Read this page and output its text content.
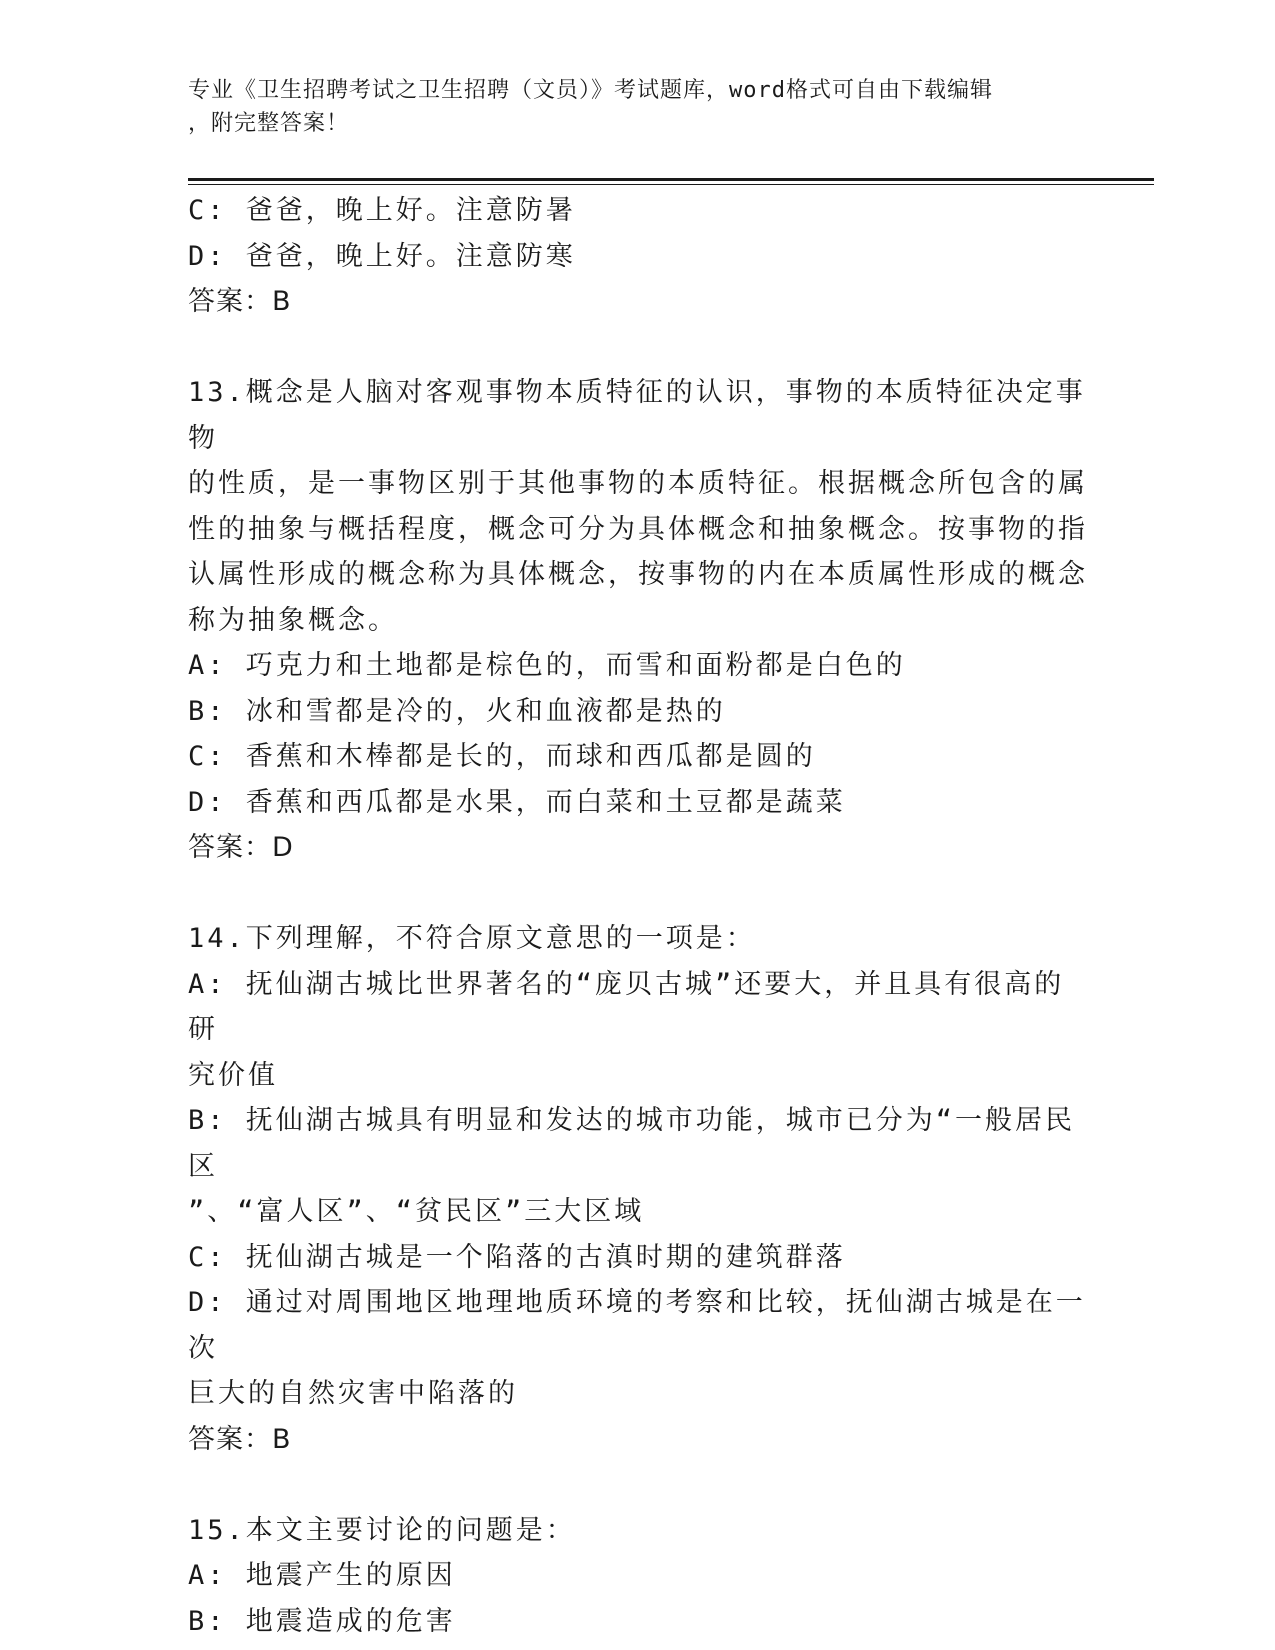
专业《卫生招聘考试之卫生招聘（文员）》考试题库，word格式可自由下载编辑
，附完整答案！
C: 爸爸，晚上好。注意防暑
D: 爸爸，晚上好。注意防寒
答案：B
13.概念是人脑对客观事物本质特征的认识，事物的本质特征决定事物
的性质，是一事物区别于其他事物的本质特征。根据概念所包含的属
性的抽象与概括程度，概念可分为具体概念和抽象概念。按事物的指
认属性形成的概念称为具体概念，按事物的内在本质属性形成的概念
称为抽象概念。
A: 巧克力和土地都是棕色的，而雪和面粉都是白色的
B: 冰和雪都是冷的，火和血液都是热的
C: 香蕉和木棒都是长的，而球和西瓜都是圆的
D: 香蕉和西瓜都是水果，而白菜和土豆都是蔬菜
答案：D
14.下列理解，不符合原文意思的一项是：
A: 抚仙湖古城比世界著名的“庞贝古城”还要大，并且具有很高的研
究价值
B: 抚仙湖古城具有明显和发达的城市功能，城市已分为“一般居民区
”、“富人区”、“贫民区”三大区域
C: 抚仙湖古城是一个陷落的古滇时期的建筑群落
D: 通过对周围地区地理地质环境的考察和比较，抚仙湖古城是在一次
巨大的自然灾害中陷落的
答案：B
15.本文主要讨论的问题是：
A: 地震产生的原因
B: 地震造成的危害
